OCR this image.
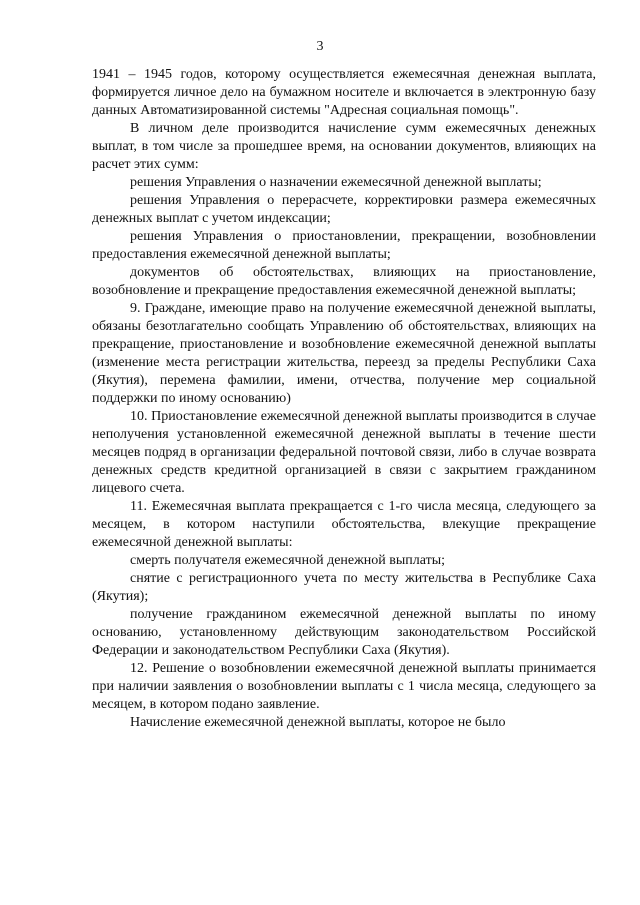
3

1941 – 1945 годов, которому осуществляется ежемесячная денежная выплата, формируется личное дело на бумажном носителе и включается в электронную базу данных Автоматизированной системы "Адресная социальная помощь".

В личном деле производится начисление сумм ежемесячных денежных выплат, в том числе за прошедшее время, на основании документов, влияющих на расчет этих сумм:

решения Управления о назначении ежемесячной денежной выплаты;

решения Управления о перерасчете, корректировки размера ежемесячных денежных выплат с учетом индексации;

решения Управления о приостановлении, прекращении, возобновлении предоставления ежемесячной денежной выплаты;

документов об обстоятельствах, влияющих на приостановление, возобновление и прекращение предоставления ежемесячной денежной выплаты;

9. Граждане, имеющие право на получение ежемесячной денежной выплаты, обязаны безотлагательно сообщать Управлению об обстоятельствах, влияющих на прекращение, приостановление и возобновление ежемесячной денежной выплаты (изменение места регистрации жительства, переезд за пределы Республики Саха (Якутия), перемена фамилии, имени, отчества, получение мер социальной поддержки по иному основанию)

10. Приостановление ежемесячной денежной выплаты производится в случае неполучения установленной ежемесячной денежной выплаты в течение шести месяцев подряд в организации федеральной почтовой связи, либо в случае возврата денежных средств кредитной организацией в связи с закрытием гражданином лицевого счета.

11. Ежемесячная выплата прекращается с 1-го числа месяца, следующего за месяцем, в котором наступили обстоятельства, влекущие прекращение ежемесячной денежной выплаты:

смерть получателя ежемесячной денежной выплаты;

снятие с регистрационного учета по месту жительства в Республике Саха (Якутия);

получение гражданином ежемесячной денежной выплаты по иному основанию, установленному действующим законодательством Российской Федерации и законодательством Республики Саха (Якутия).

12. Решение о возобновлении ежемесячной денежной выплаты принимается при наличии заявления о возобновлении выплаты с 1 числа месяца, следующего за месяцем, в котором подано заявление.

Начисление ежемесячной денежной выплаты, которое не было
